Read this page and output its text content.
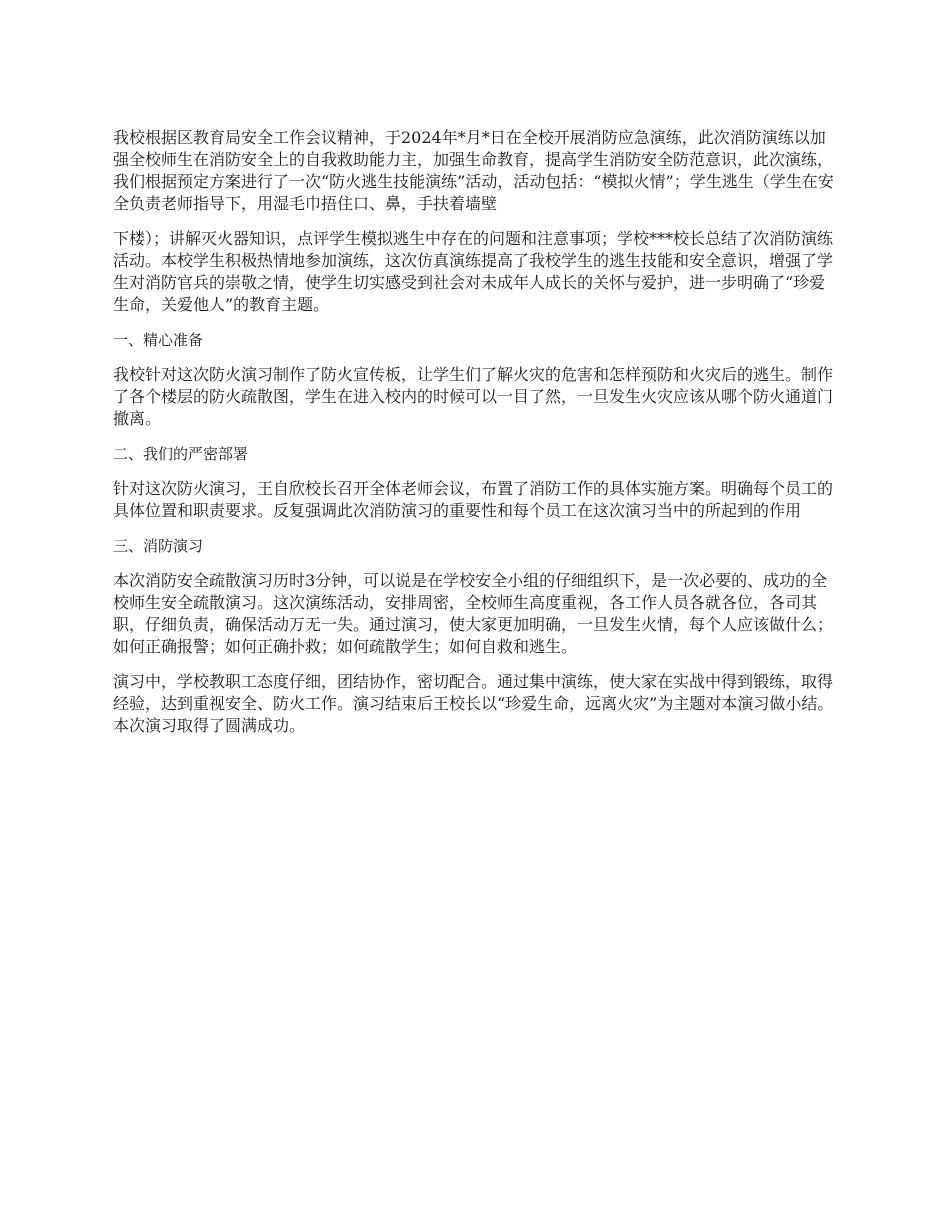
我校根据区教育局安全工作会议精神，于2024年*月*日在全校开展消防应急演练，此次消防演练以加强全校师生在消防安全上的自我救助能力主，加强生命教育，提高学生消防安全防范意识，此次演练，我们根据预定方案进行了一次“防火逃生技能演练”活动，活动包括：“模拟火情”；学生逃生（学生在安全负责老师指导下，用湿毛巾捂住口、鼻，手扶着墙壁

下楼）；讲解灭火器知识，点评学生模拟逃生中存在的问题和注意事项；学校***校长总结了次消防演练活动。本校学生积极热情地参加演练，这次仿真演练提高了我校学生的逃生技能和安全意识，增强了学生对消防官兵的崇敬之情，使学生切实感受到社会对未成年人成长的关怀与爱护，进一步明确了“珍爱生命，关爱他人”的教育主题。

一、精心准备

我校针对这次防火演习制作了防火宣传板，让学生们了解火灾的危害和怎样预防和火灾后的逃生。制作了各个楼层的防火疏散图，学生在进入校内的时候可以一目了然，一旦发生火灾应该从哪个防火通道门撤离。

二、我们的严密部署

针对这次防火演习，王自欣校长召开全体老师会议，布置了消防工作的具体实施方案。明确每个员工的具体位置和职责要求。反复强调此次消防演习的重要性和每个员工在这次演习当中的所起到的作用

三、消防演习

本次消防安全疏散演习历时3分钟，可以说是在学校安全小组的仔细组织下，是一次必要的、成功的全校师生安全疏散演习。这次演练活动，安排周密，全校师生高度重视，各工作人员各就各位，各司其职，仔细负责，确保活动万无一失。通过演习，使大家更加明确，一旦发生火情，每个人应该做什么；如何正确报警；如何正确扑救；如何疏散学生；如何自救和逃生。

演习中，学校教职工态度仔细，团结协作，密切配合。通过集中演练，使大家在实战中得到锻练，取得经验，达到重视安全、防火工作。演习结束后王校长以“珍爱生命，远离火灾”为主题对本演习做小结。本次演习取得了圆满成功。
